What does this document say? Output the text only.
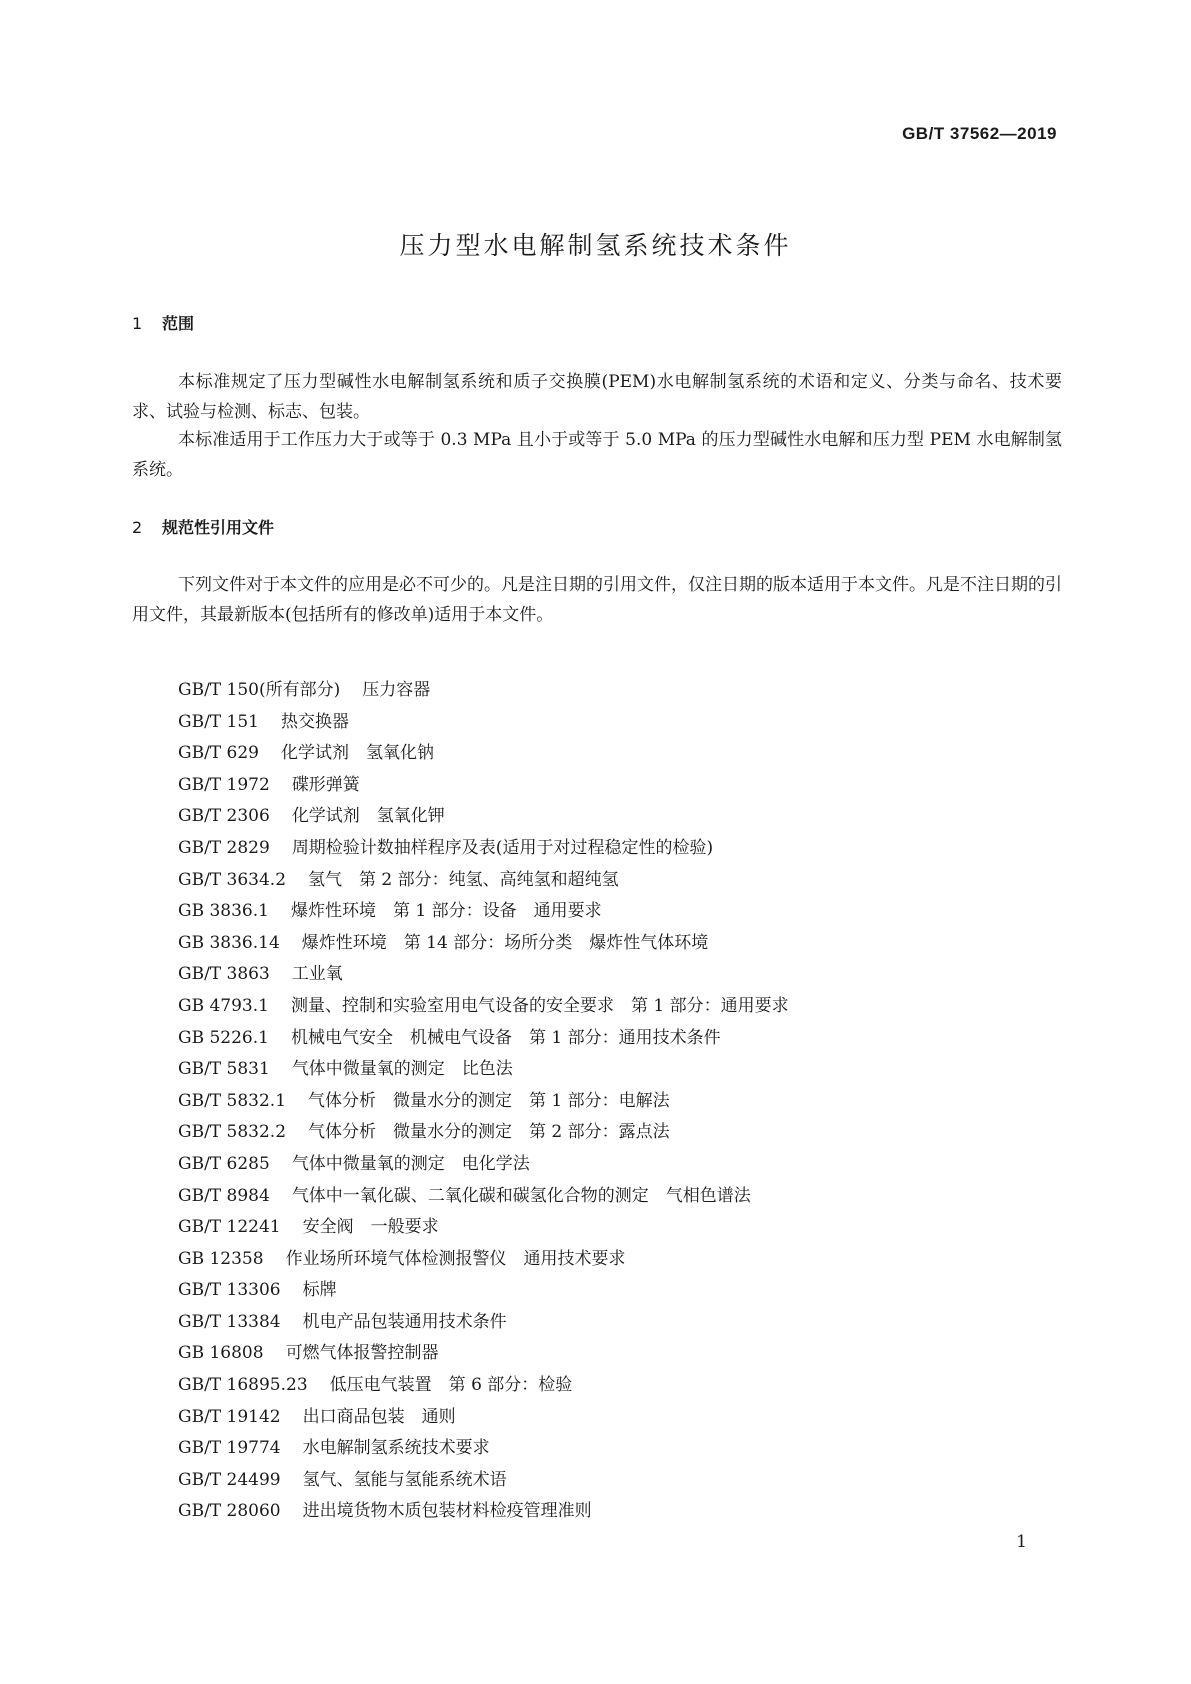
GB/T 37562—2019
压力型水电解制氢系统技术条件
1 范围

本标准规定了压力型碱性水电解制氢系统和质子交换膜(PEM)水电解制氢系统的术语和定义、分类与命名、技术要求、试验与检测、标志、包装。

本标准适用于工作压力大于或等于 0.3 MPa 且小于或等于 5.0 MPa 的压力型碱性水电解和压力型 PEM 水电解制氢系统。

2 规范性引用文件

下列文件对于本文件的应用是必不可少的。凡是注日期的引用文件，仅注日期的版本适用于本文件。凡是不注日期的引用文件，其最新版本(包括所有的修改单)适用于本文件。

GB/T 150(所有部分) 压力容器
GB/T 151 热交换器
GB/T 629 化学试剂　氢氧化钠
GB/T 1972 碟形弹簧
GB/T 2306 化学试剂　氢氧化钾
GB/T 2829 周期检验计数抽样程序及表(适用于对过程稳定性的检验)
GB/T 3634.2 氢气　第 2 部分：纯氢、高纯氢和超纯氢
GB 3836.1 爆炸性环境　第 1 部分：设备　通用要求
GB 3836.14 爆炸性环境　第 14 部分：场所分类　爆炸性气体环境
GB/T 3863 工业氧
GB 4793.1 测量、控制和实验室用电气设备的安全要求　第 1 部分：通用要求
GB 5226.1 机械电气安全　机械电气设备　第 1 部分：通用技术条件
GB/T 5831 气体中微量氧的测定　比色法
GB/T 5832.1 气体分析　微量水分的测定　第 1 部分：电解法
GB/T 5832.2 气体分析　微量水分的测定　第 2 部分：露点法
GB/T 6285 气体中微量氧的测定　电化学法
GB/T 8984 气体中一氧化碳、二氧化碳和碳氢化合物的测定　气相色谱法
GB/T 12241 安全阀　一般要求
GB 12358 作业场所环境气体检测报警仪　通用技术要求
GB/T 13306 标牌
GB/T 13384 机电产品包装通用技术条件
GB 16808 可燃气体报警控制器
GB/T 16895.23 低压电气装置　第 6 部分：检验
GB/T 19142 出口商品包装　通则
GB/T 19774 水电解制氢系统技术要求
GB/T 24499 氢气、氢能与氢能系统术语
GB/T 28060 进出境货物木质包装材料检疫管理准则
1
